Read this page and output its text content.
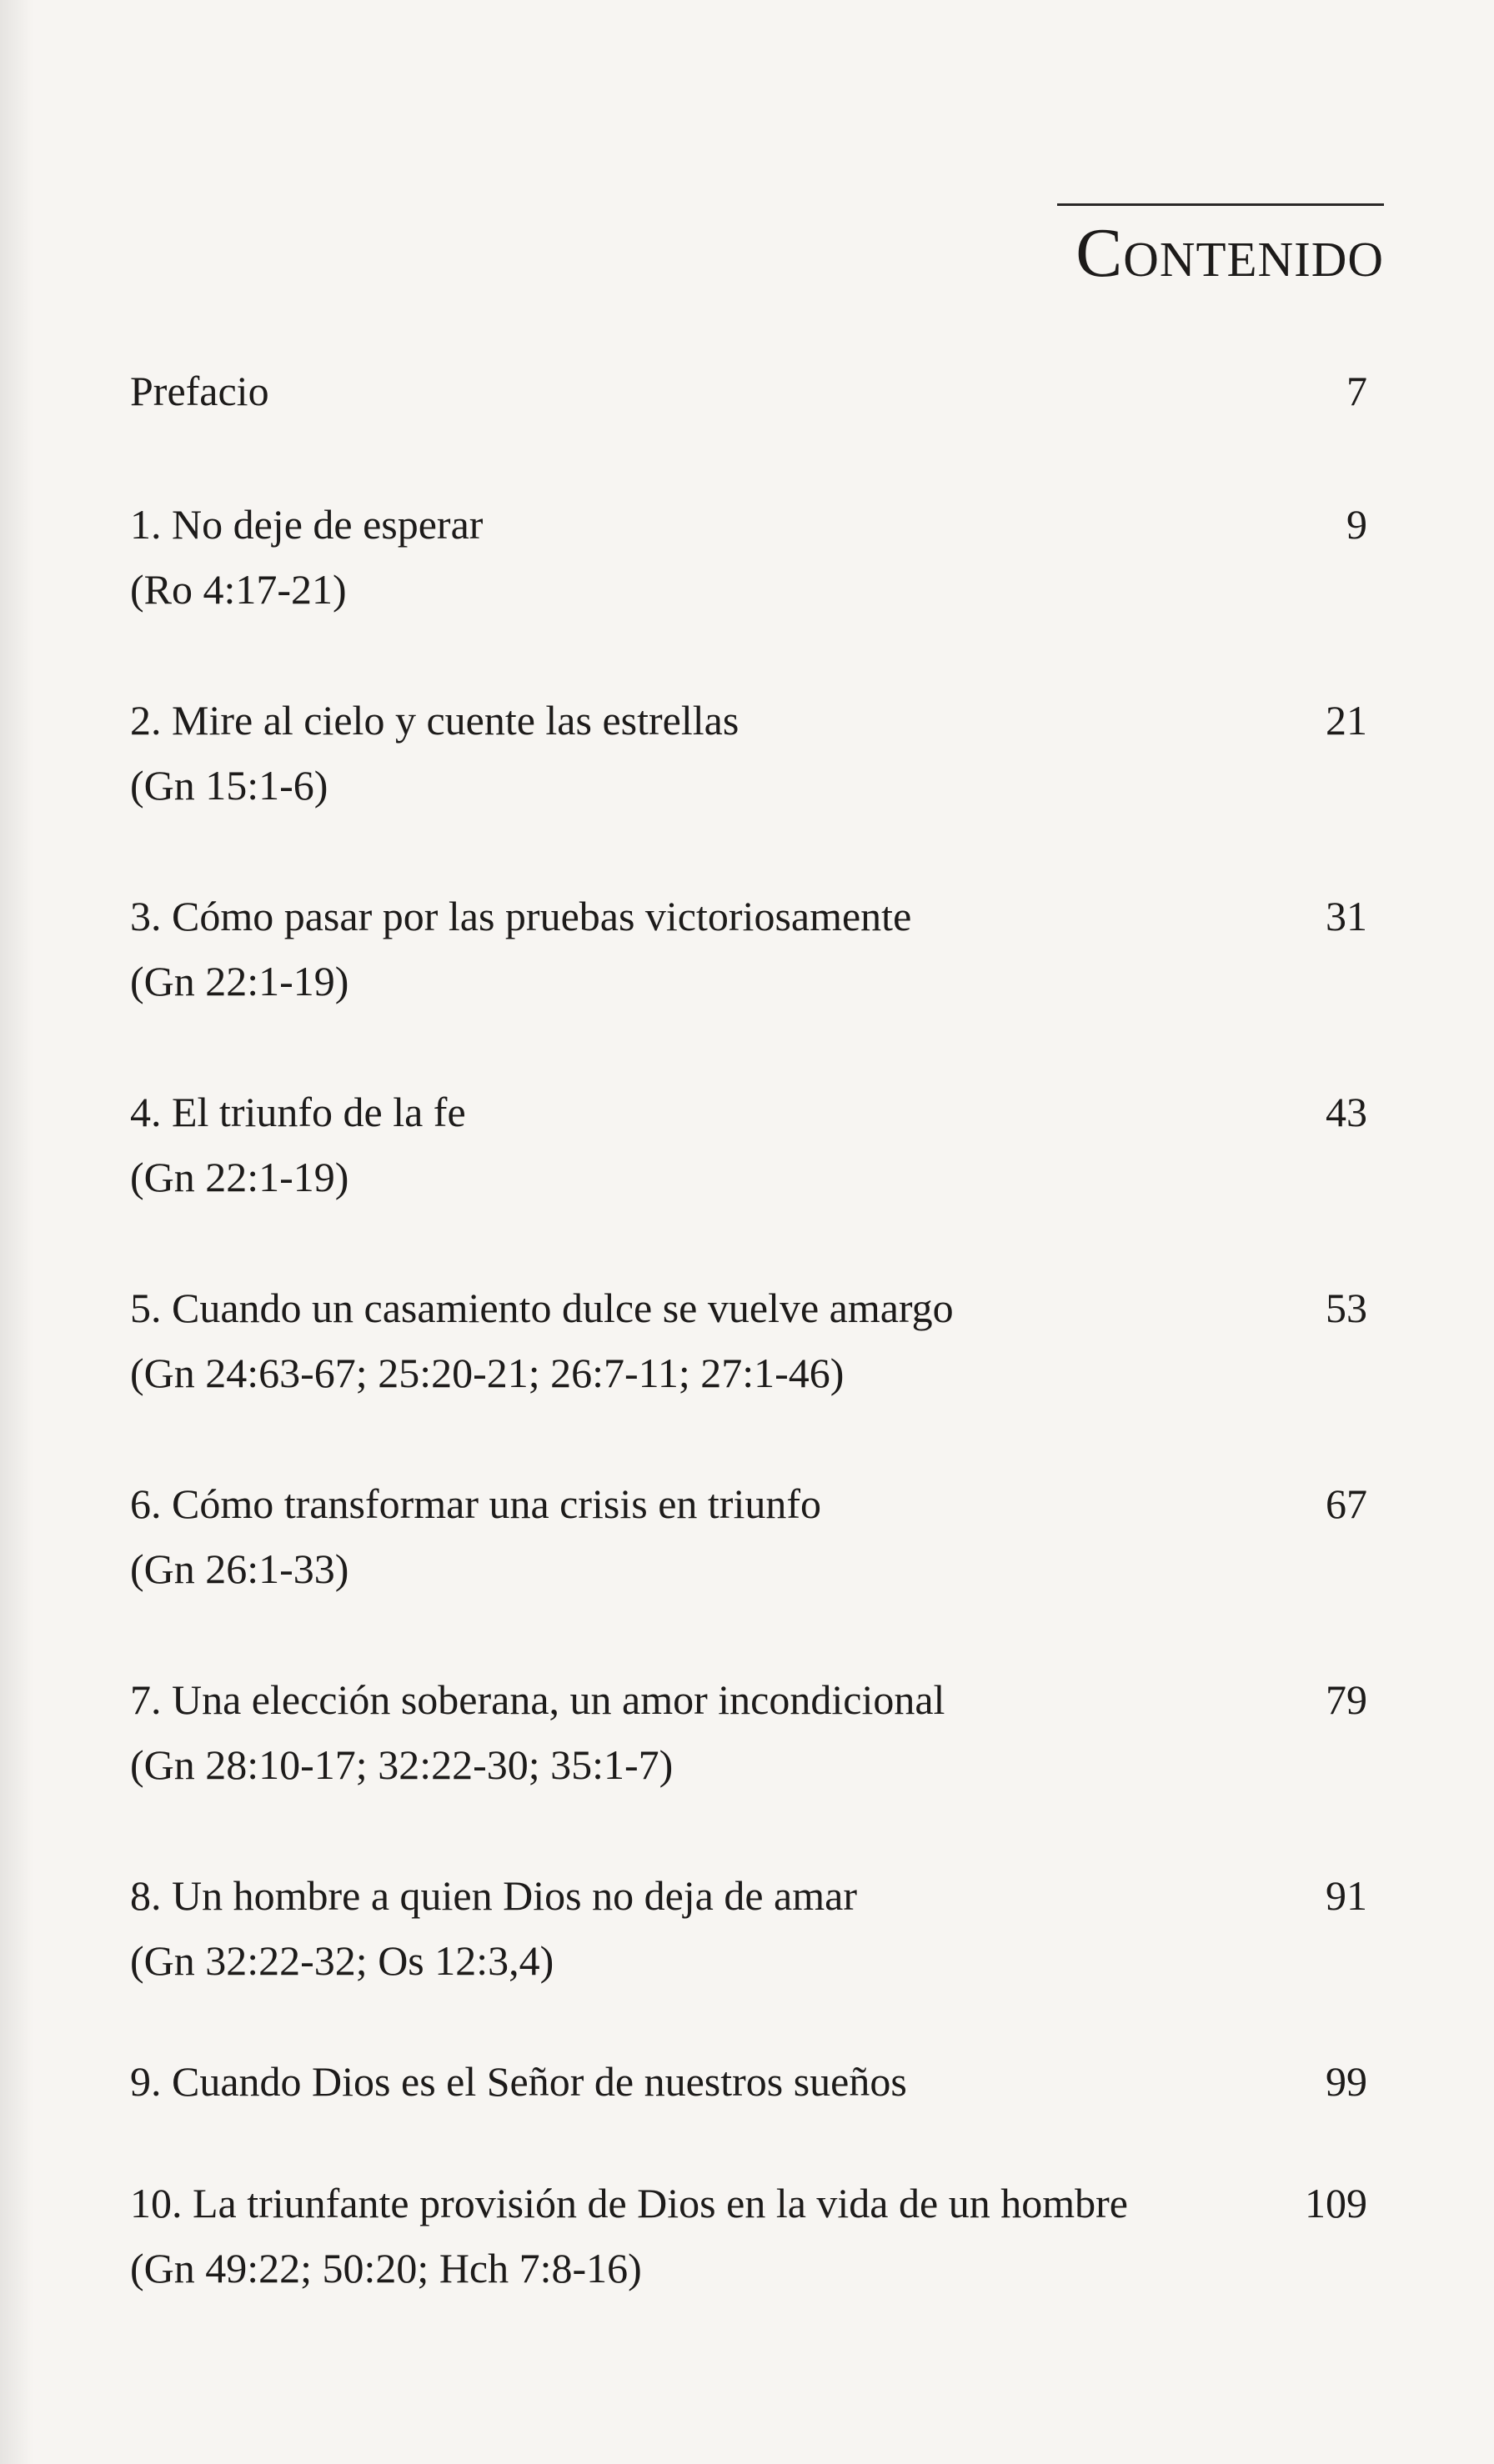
Contenido
Prefacio	7
1. No deje de esperar	9
(Ro 4:17-21)
2. Mire al cielo y cuente las estrellas	21
(Gn 15:1-6)
3. Cómo pasar por las pruebas victoriosamente	31
(Gn 22:1-19)
4. El triunfo de la fe	43
(Gn 22:1-19)
5. Cuando un casamiento dulce se vuelve amargo	53
(Gn 24:63-67; 25:20-21; 26:7-11; 27:1-46)
6. Cómo transformar una crisis en triunfo	67
(Gn 26:1-33)
7. Una elección soberana, un amor incondicional	79
(Gn 28:10-17; 32:22-30; 35:1-7)
8. Un hombre a quien Dios no deja de amar	91
(Gn 32:22-32; Os 12:3,4)
9. Cuando Dios es el Señor de nuestros sueños	99
10. La triunfante provisión de Dios en la vida de un hombre	109
(Gn 49:22; 50:20; Hch 7:8-16)
